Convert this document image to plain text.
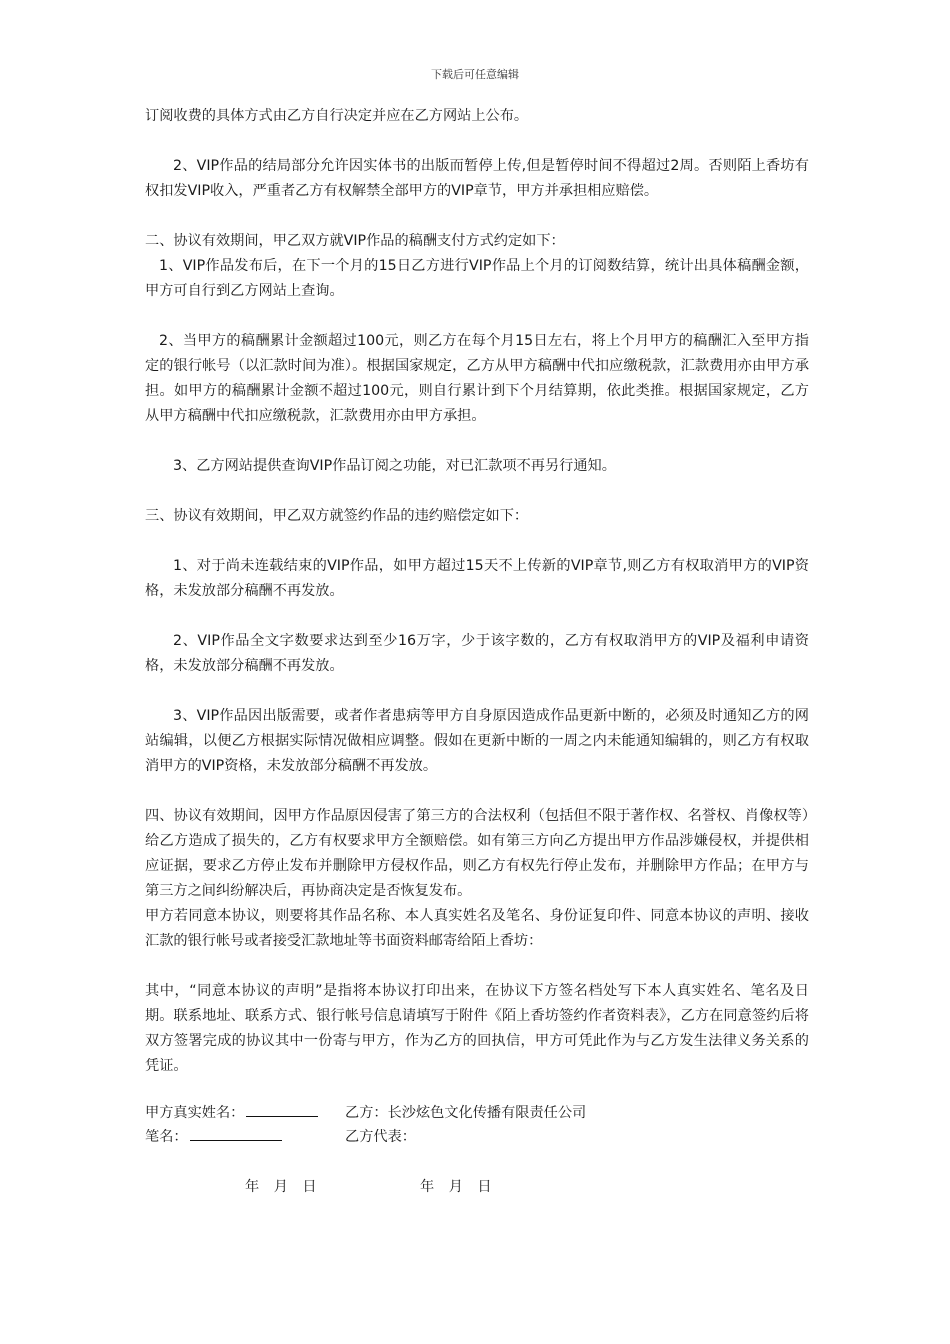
下载后可任意编辑

订阅收费的具体方式由乙方自行决定并应在乙方网站上公布。

2、VIP作品的结局部分允许因实体书的出版而暂停上传,但是暂停时间不得超过2周。否则陌上香坊有权扣发VIP收入，严重者乙方有权解禁全部甲方的VIP章节，甲方并承担相应赔偿。

二、协议有效期间，甲乙双方就VIP作品的稿酬支付方式约定如下：

1、VIP作品发布后，在下一个月的15日乙方进行VIP作品上个月的订阅数结算，统计出具体稿酬金额，甲方可自行到乙方网站上查询。

2、当甲方的稿酬累计金额超过100元，则乙方在每个月15日左右，将上个月甲方的稿酬汇入至甲方指定的银行帐号（以汇款时间为准）。根据国家规定，乙方从甲方稿酬中代扣应缴税款，汇款费用亦由甲方承担。如甲方的稿酬累计金额不超过100元，则自行累计到下个月结算期，依此类推。根据国家规定，乙方从甲方稿酬中代扣应缴税款，汇款费用亦由甲方承担。

3、乙方网站提供查询VIP作品订阅之功能，对已汇款项不再另行通知。

三、协议有效期间，甲乙双方就签约作品的违约赔偿定如下：

1、对于尚未连载结束的VIP作品，如甲方超过15天不上传新的VIP章节,则乙方有权取消甲方的VIP资格，未发放部分稿酬不再发放。

2、VIP作品全文字数要求达到至少16万字，少于该字数的，乙方有权取消甲方的VIP及福利申请资格，未发放部分稿酬不再发放。

3、VIP作品因出版需要，或者作者患病等甲方自身原因造成作品更新中断的，必须及时通知乙方的网站编辑，以便乙方根据实际情况做相应调整。假如在更新中断的一周之内未能通知编辑的，则乙方有权取消甲方的VIP资格，未发放部分稿酬不再发放。

四、协议有效期间，因甲方作品原因侵害了第三方的合法权利（包括但不限于著作权、名誉权、肖像权等）给乙方造成了损失的，乙方有权要求甲方全额赔偿。如有第三方向乙方提出甲方作品涉嫌侵权，并提供相应证据，要求乙方停止发布并删除甲方侵权作品，则乙方有权先行停止发布，并删除甲方作品；在甲方与第三方之间纠纷解决后，再协商决定是否恢复发布。

甲方若同意本协议，则要将其作品名称、本人真实姓名及笔名、身份证复印件、同意本协议的声明、接收汇款的银行帐号或者接受汇款地址等书面资料邮寄给陌上香坊：

其中，“同意本协议的声明”是指将本协议打印出来，在协议下方签名档处写下本人真实姓名、笔名及日期。联系地址、联系方式、银行帐号信息请填写于附件《陌上香坊签约作者资料表》，乙方在同意签约后将双方签署完成的协议其中一份寄与甲方，作为乙方的回执信，甲方可凭此作为与乙方发生法律义务关系的凭证。

甲方真实姓名：	乙方：长沙炫色文化传播有限责任公司
笔名：	乙方代表：
年 月 日	年 月 日
